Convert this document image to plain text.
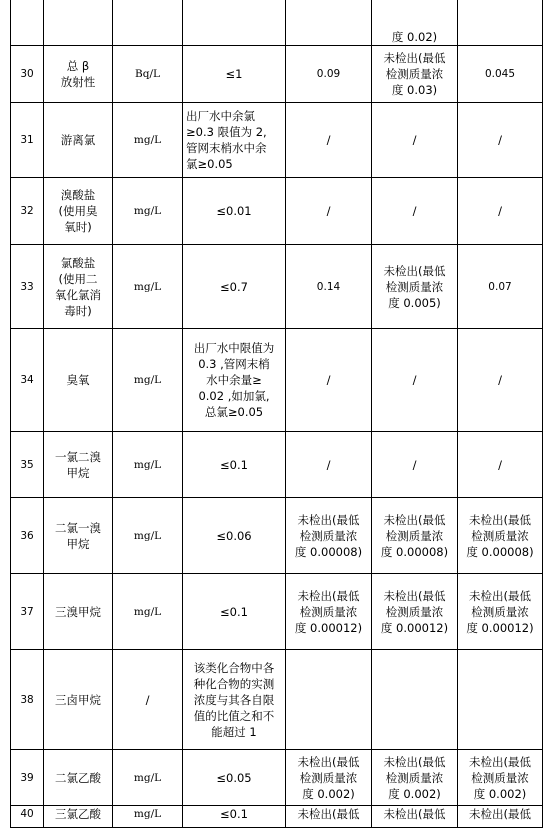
					度 0.02)	
30	总 β
放射性	Bq/L	≤1	0.09	未检出(最低
检测质量浓
度 0.03)	0.045
31	游离氯	mg/L	出厂水中余氯
≥0.3 限值为 2,
管网末梢水中余
氯≥0.05	/	/	/
32	溴酸盐
(使用臭
氧时)	mg/L	≤0.01	/	/	/
33	氯酸盐
(使用二
氧化氯消
毒时)	mg/L	≤0.7	0.14	未检出(最低
检测质量浓
度 0.005)	0.07
34	臭氧	mg/L	出厂水中限值为
0.3 ,管网末梢
水中余量≥
0.02 ,如加氯,
总氯≥0.05	/	/	/
35	一氯二溴
甲烷	mg/L	≤0.1	/	/	/
36	二氯一溴
甲烷	mg/L	≤0.06	未检出(最低
检测质量浓
度 0.00008)	未检出(最低
检测质量浓
度 0.00008)	未检出(最低
检测质量浓
度 0.00008)
37	三溴甲烷	mg/L	≤0.1	未检出(最低
检测质量浓
度 0.00012)	未检出(最低
检测质量浓
度 0.00012)	未检出(最低
检测质量浓
度 0.00012)
38	三卤甲烷	/	该类化合物中各
种化合物的实测
浓度与其各自限
值的比值之和不
能超过 1			
39	二氯乙酸	mg/L	≤0.05	未检出(最低
检测质量浓
度 0.002)	未检出(最低
检测质量浓
度 0.002)	未检出(最低
检测质量浓
度 0.002)
40	三氯乙酸	mg/L	≤0.1	未检出(最低	未检出(最低	未检出(最低
